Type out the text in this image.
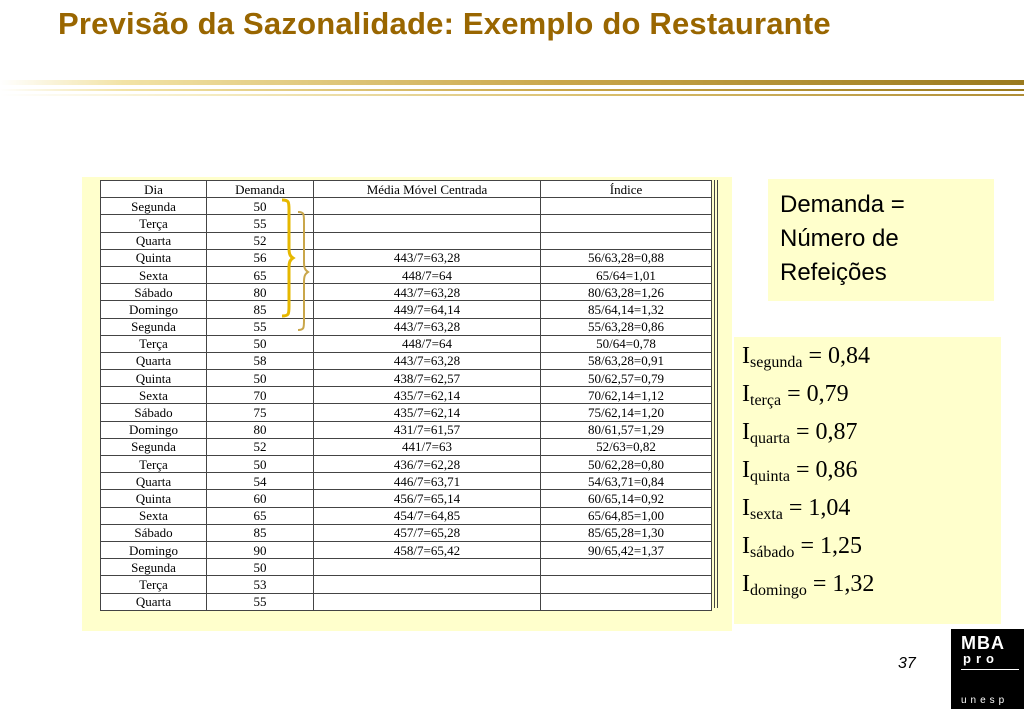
Previsão da Sazonalidade: Exemplo do Restaurante
Dia	Demanda	Média Móvel Centrada	Índice
Segunda	50		
Terça	55		
Quarta	52		
Quinta	56	443/7=63,28	56/63,28=0,88
Sexta	65	448/7=64	65/64=1,01
Sábado	80	443/7=63,28	80/63,28=1,26
Domingo	85	449/7=64,14	85/64,14=1,32
Segunda	55	443/7=63,28	55/63,28=0,86
Terça	50	448/7=64	50/64=0,78
Quarta	58	443/7=63,28	58/63,28=0,91
Quinta	50	438/7=62,57	50/62,57=0,79
Sexta	70	435/7=62,14	70/62,14=1,12
Sábado	75	435/7=62,14	75/62,14=1,20
Domingo	80	431/7=61,57	80/61,57=1,29
Segunda	52	441/7=63	52/63=0,82
Terça	50	436/7=62,28	50/62,28=0,80
Quarta	54	446/7=63,71	54/63,71=0,84
Quinta	60	456/7=65,14	60/65,14=0,92
Sexta	65	454/7=64,85	65/64,85=1,00
Sábado	85	457/7=65,28	85/65,28=1,30
Domingo	90	458/7=65,42	90/65,42=1,37
Segunda	50		
Terça	53		
Quarta	55		
Demanda =
Número de
Refeições
$I_{segunda} = 0,84$
$I_{terça} = 0,79$
$I_{quarta} = 0,87$
$I_{quinta} = 0,86$
$I_{sexta} = 1,04$
$I_{sábado} = 1,25$
$I_{domingo} = 1,32$
37
MBA
pro
unesp
